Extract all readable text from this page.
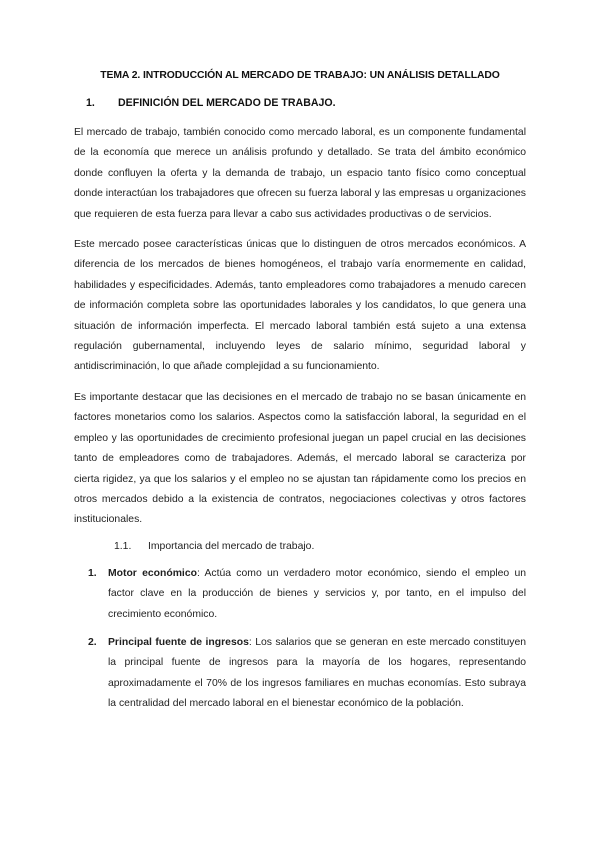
TEMA 2. INTRODUCCIÓN AL MERCADO DE TRABAJO: UN ANÁLISIS DETALLADO
1.	DEFINICIÓN DEL MERCADO DE TRABAJO.

El mercado de trabajo, también conocido como mercado laboral, es un componente fundamental de la economía que merece un análisis profundo y detallado. Se trata del ámbito económico donde confluyen la oferta y la demanda de trabajo, un espacio tanto físico como conceptual donde interactúan los trabajadores que ofrecen su fuerza laboral y las empresas u organizaciones que requieren de esta fuerza para llevar a cabo sus actividades productivas o de servicios.

Este mercado posee características únicas que lo distinguen de otros mercados económicos. A diferencia de los mercados de bienes homogéneos, el trabajo varía enormemente en calidad, habilidades y especificidades. Además, tanto empleadores como trabajadores a menudo carecen de información completa sobre las oportunidades laborales y los candidatos, lo que genera una situación de información imperfecta. El mercado laboral también está sujeto a una extensa regulación gubernamental, incluyendo leyes de salario mínimo, seguridad laboral y antidiscriminación, lo que añade complejidad a su funcionamiento.

Es importante destacar que las decisiones en el mercado de trabajo no se basan únicamente en factores monetarios como los salarios. Aspectos como la satisfacción laboral, la seguridad en el empleo y las oportunidades de crecimiento profesional juegan un papel crucial en las decisiones tanto de empleadores como de trabajadores. Además, el mercado laboral se caracteriza por cierta rigidez, ya que los salarios y el empleo no se ajustan tan rápidamente como los precios en otros mercados debido a la existencia de contratos, negociaciones colectivas y otros factores institucionales.

1.1.	Importancia del mercado de trabajo.
1.	Motor económico: Actúa como un verdadero motor económico, siendo el empleo un factor clave en la producción de bienes y servicios y, por tanto, en el impulso del crecimiento económico.
2.	Principal fuente de ingresos: Los salarios que se generan en este mercado constituyen la principal fuente de ingresos para la mayoría de los hogares, representando aproximadamente el 70% de los ingresos familiares en muchas economías. Esto subraya la centralidad del mercado laboral en el bienestar económico de la población.
